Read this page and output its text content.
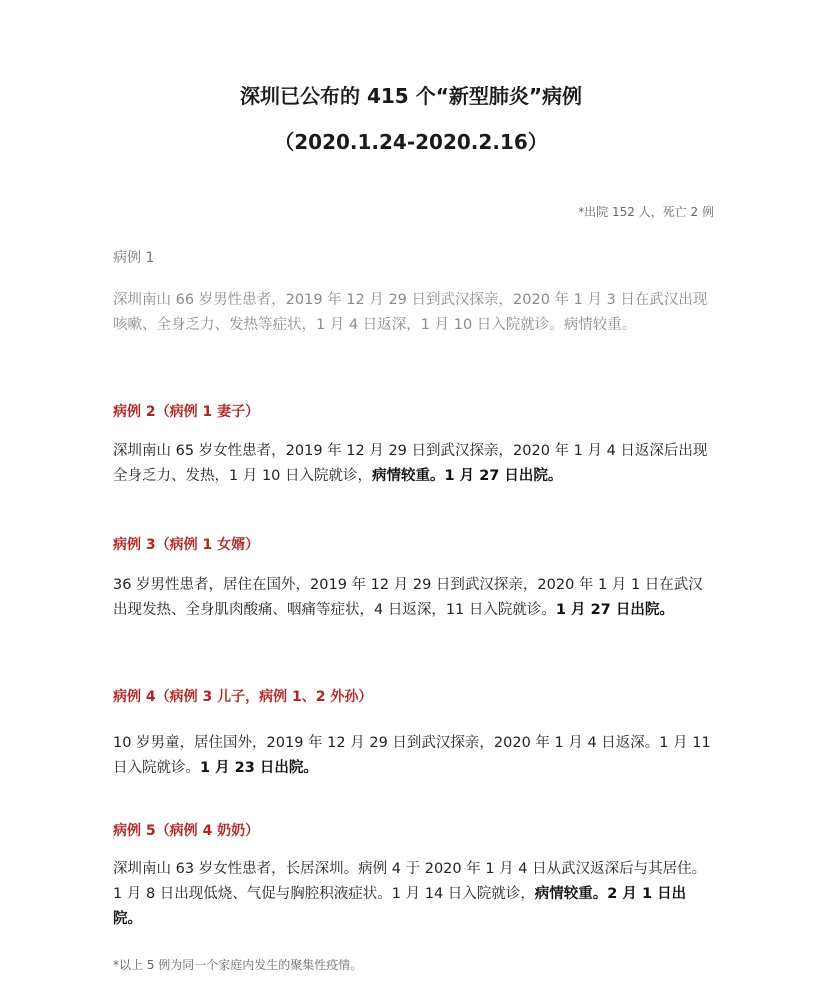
深圳已公布的 415 个“新型肺炎”病例
（2020.1.24-2020.2.16）
*出院 152 人，死亡 2 例
病例 1

深圳南山 66 岁男性患者，2019 年 12 月 29 日到武汉探亲，2020 年 1 月 3 日在武汉出现咳嗽、全身乏力、发热等症状，1 月 4 日返深，1 月 10 日入院就诊。病情较重。

病例 2（病例 1 妻子）

深圳南山 65 岁女性患者，2019 年 12 月 29 日到武汉探亲，2020 年 1 月 4 日返深后出现全身乏力、发热，1 月 10 日入院就诊，病情较重。1 月 27 日出院。

病例 3（病例 1 女婿）

36 岁男性患者，居住在国外，2019 年 12 月 29 日到武汉探亲，2020 年 1 月 1 日在武汉出现发热、全身肌肉酸痛、咽痛等症状，4 日返深，11 日入院就诊。1 月 27 日出院。

病例 4（病例 3 儿子，病例 1、2 外孙）

10 岁男童，居住国外，2019 年 12 月 29 日到武汉探亲，2020 年 1 月 4 日返深。1 月 11 日入院就诊。1 月 23 日出院。

病例 5（病例 4 奶奶）

深圳南山 63 岁女性患者，长居深圳。病例 4 于 2020 年 1 月 4 日从武汉返深后与其居住。1 月 8 日出现低烧、气促与胸腔积液症状。1 月 14 日入院就诊，病情较重。2 月 1 日出院。

*以上 5 例为同一个家庭内发生的聚集性疫情。
